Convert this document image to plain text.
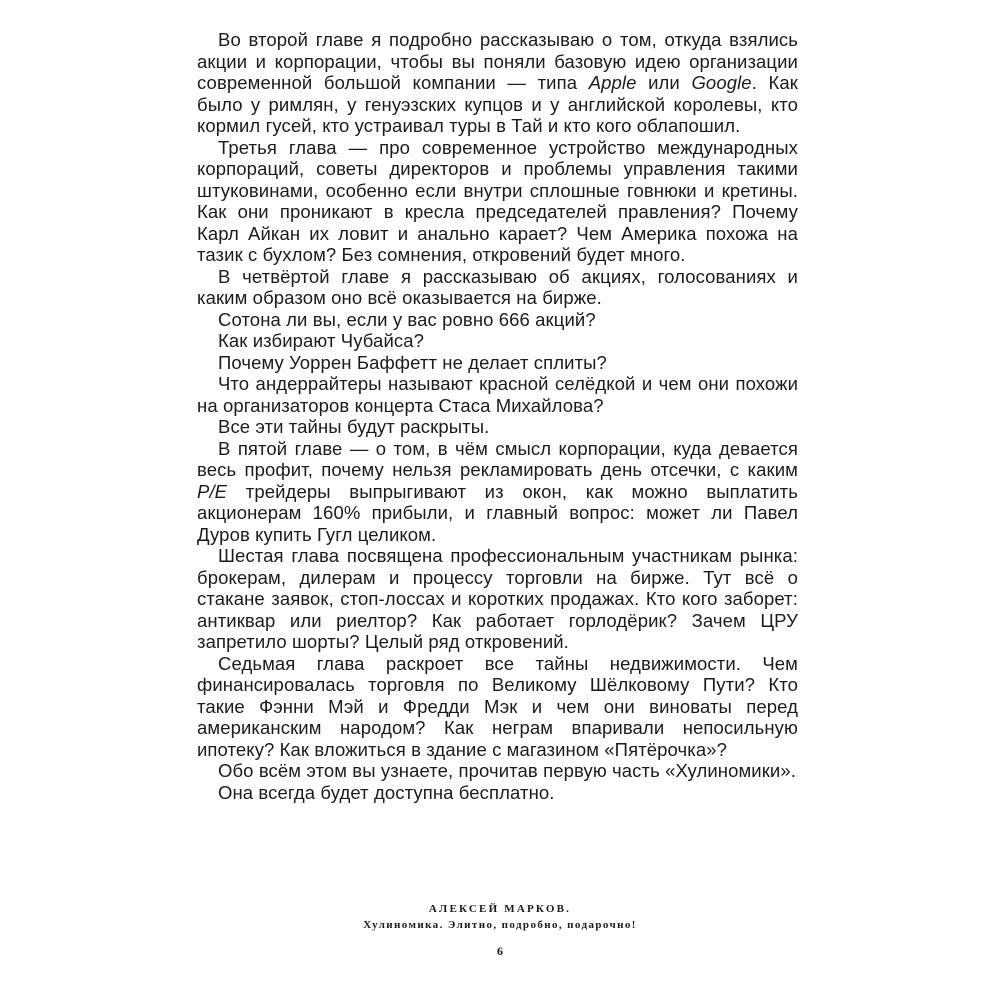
Во второй главе я подробно рассказываю о том, откуда взялись акции и корпорации, чтобы вы поняли базовую идею организации современной большой компании — типа Apple или Google. Как было у римлян, у генуэзских купцов и у английской королевы, кто кормил гусей, кто устраивал туры в Тай и кто кого облапошил.

Третья глава — про современное устройство международных корпораций, советы директоров и проблемы управления такими штуковинами, особенно если внутри сплошные говнюки и кретины. Как они проникают в кресла председателей правления? Почему Карл Айкан их ловит и анально карает? Чем Америка похожа на тазик с бухлом? Без сомнения, откровений будет много.

В четвёртой главе я рассказываю об акциях, голосованиях и каким образом оно всё оказывается на бирже.

Сотона ли вы, если у вас ровно 666 акций?

Как избирают Чубайса?

Почему Уоррен Баффетт не делает сплиты?

Что андеррайтеры называют красной селёдкой и чем они похожи на организаторов концерта Стаса Михайлова?

Все эти тайны будут раскрыты.

В пятой главе — о том, в чём смысл корпорации, куда девается весь профит, почему нельзя рекламировать день отсечки, с каким P/E трейдеры выпрыгивают из окон, как можно выплатить акционерам 160% прибыли, и главный вопрос: может ли Павел Дуров купить Гугл целиком.

Шестая глава посвящена профессиональным участникам рынка: брокерам, дилерам и процессу торговли на бирже. Тут всё о стакане заявок, стоп-лоссах и коротких продажах. Кто кого заборет: антиквар или риелтор? Как работает горлодёрик? Зачем ЦРУ запретило шорты? Целый ряд откровений.

Седьмая глава раскроет все тайны недвижимости. Чем финансировалась торговля по Великому Шёлковому Пути? Кто такие Фэнни Мэй и Фредди Мэк и чем они виноваты перед американским народом? Как неграм впаривали непосильную ипотеку? Как вложиться в здание с магазином «Пятёрочка»?

Обо всём этом вы узнаете, прочитав первую часть «Хулиномики».

Она всегда будет доступна бесплатно.

АЛЕКСЕЙ МАРКОВ.
Хулиномика. Элитно, подробно, подарочно!
6
